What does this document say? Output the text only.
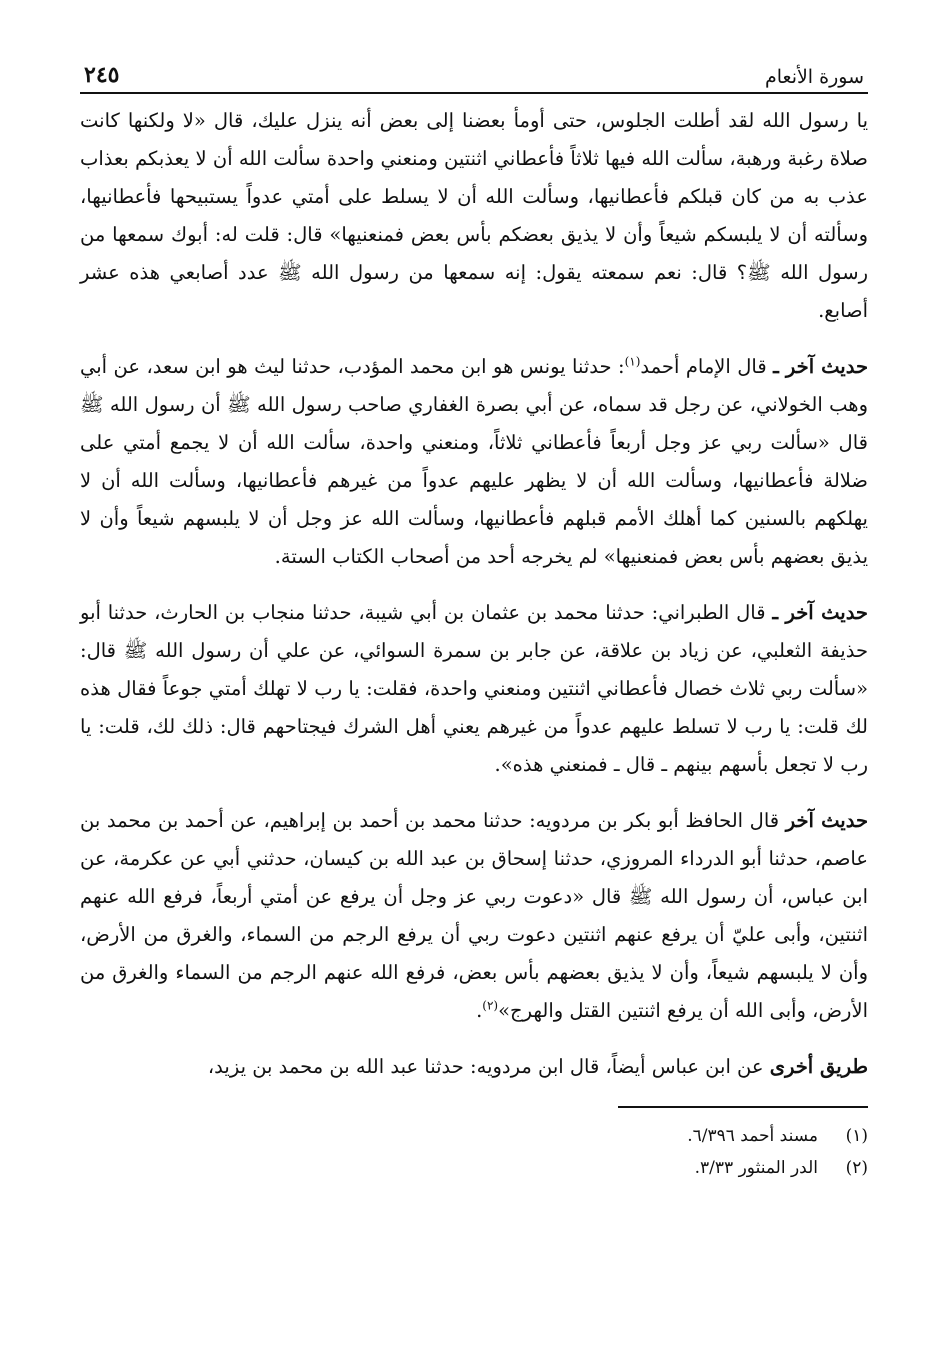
سورة الأنعام
٢٤٥

يا رسول الله لقد أطلت الجلوس، حتى أومأ بعضنا إلى بعض أنه ينزل عليك، قال «لا ولكنها كانت صلاة رغبة ورهبة، سألت الله فيها ثلاثاً فأعطاني اثنتين ومنعني واحدة سألت الله أن لا يعذبكم بعذاب عذب به من كان قبلكم فأعطانيها، وسألت الله أن لا يسلط على أمتي عدواً يستبيحها فأعطانيها، وسألته أن لا يلبسكم شيعاً وأن لا يذيق بعضكم بأس بعض فمنعنيها» قال: قلت له: أبوك سمعها من رسول الله ﷺ؟ قال: نعم سمعته يقول: إنه سمعها من رسول الله ﷺ عدد أصابعي هذه عشر أصابع.

حديث آخر ـ قال الإمام أحمد$^{(١)}$: حدثنا يونس هو ابن محمد المؤدب، حدثنا ليث هو ابن سعد، عن أبي وهب الخولاني، عن رجل قد سماه، عن أبي بصرة الغفاري صاحب رسول الله ﷺ أن رسول الله ﷺ قال «سألت ربي عز وجل أربعاً فأعطاني ثلاثاً، ومنعني واحدة، سألت الله أن لا يجمع أمتي على ضلالة فأعطانيها، وسألت الله أن لا يظهر عليهم عدواً من غيرهم فأعطانيها، وسألت الله أن لا يهلكهم بالسنين كما أهلك الأمم قبلهم فأعطانيها، وسألت الله عز وجل أن لا يلبسهم شيعاً وأن لا يذيق بعضهم بأس بعض فمنعنيها» لم يخرجه أحد من أصحاب الكتاب الستة.

حديث آخر ـ قال الطبراني: حدثنا محمد بن عثمان بن أبي شيبة، حدثنا منجاب بن الحارث، حدثنا أبو حذيفة الثعلبي، عن زياد بن علاقة، عن جابر بن سمرة السوائي، عن علي أن رسول الله ﷺ قال: «سألت ربي ثلاث خصال فأعطاني اثنتين ومنعني واحدة، فقلت: يا رب لا تهلك أمتي جوعاً فقال هذه لك قلت: يا رب لا تسلط عليهم عدواً من غيرهم يعني أهل الشرك فيجتاحهم قال: ذلك لك، قلت: يا رب لا تجعل بأسهم بينهم ـ قال ـ فمنعني هذه».

حديث آخر قال الحافظ أبو بكر بن مردويه: حدثنا محمد بن أحمد بن إبراهيم، عن أحمد بن محمد بن عاصم، حدثنا أبو الدرداء المروزي، حدثنا إسحاق بن عبد الله بن كيسان، حدثني أبي عن عكرمة، عن ابن عباس، أن رسول الله ﷺ قال «دعوت ربي عز وجل أن يرفع عن أمتي أربعاً، فرفع الله عنهم اثنتين، وأبى عليّ أن يرفع عنهم اثنتين دعوت ربي أن يرفع الرجم من السماء، والغرق من الأرض، وأن لا يلبسهم شيعاً، وأن لا يذيق بعضهم بأس بعض، فرفع الله عنهم الرجم من السماء والغرق من الأرض، وأبى الله أن يرفع اثنتين القتل والهرج»$^{(٢)}$.

طريق أخرى عن ابن عباس أيضاً، قال ابن مردويه: حدثنا عبد الله بن محمد بن يزيد،

(١)
مسند أحمد ٦/٣٩٦.
(٢)
الدر المنثور ٣/٣٣.
